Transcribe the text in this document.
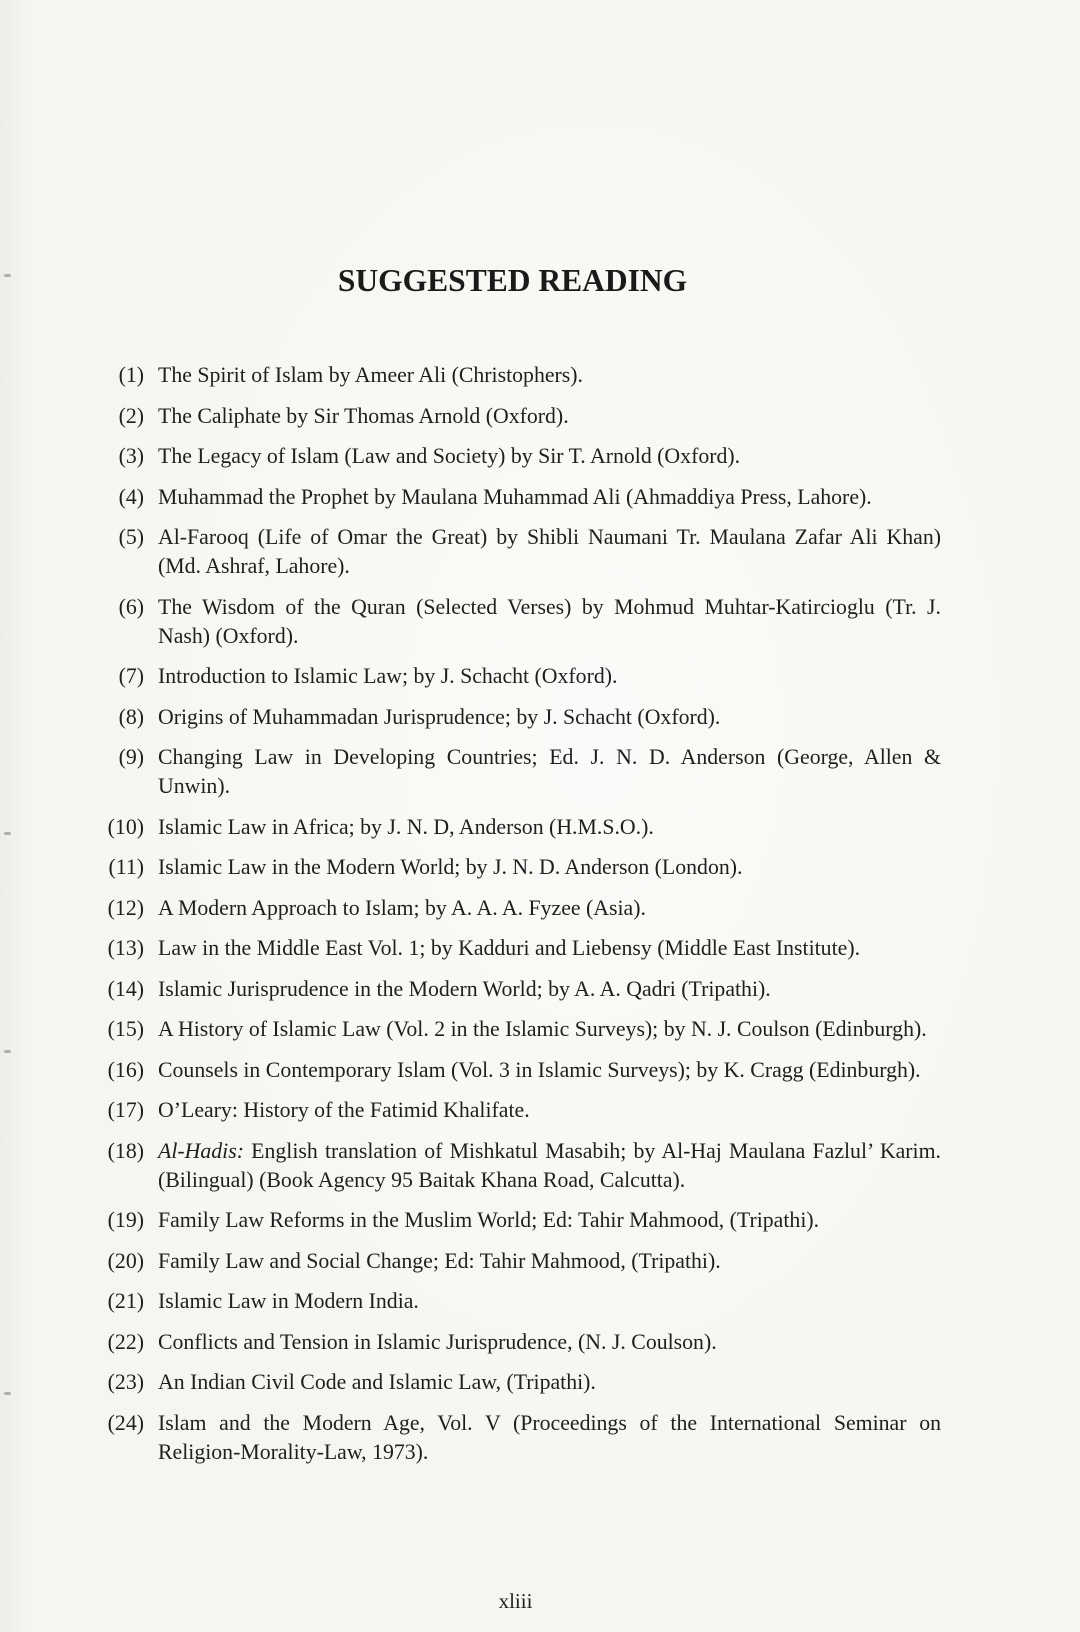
SUGGESTED READING
(1) The Spirit of Islam by Ameer Ali (Christophers).
(2) The Caliphate by Sir Thomas Arnold (Oxford).
(3) The Legacy of Islam (Law and Society) by Sir T. Arnold (Oxford).
(4) Muhammad the Prophet by Maulana Muhammad Ali (Ahmaddiya Press, Lahore).
(5) Al-Farooq (Life of Omar the Great) by Shibli Naumani Tr. Maulana Zafar Ali Khan)
(Md. Ashraf, Lahore).
(6) The Wisdom of the Quran (Selected Verses) by Mohmud Muhtar-Katircioglu (Tr. J.
Nash) (Oxford).
(7) Introduction to Islamic Law; by J. Schacht (Oxford).
(8) Origins of Muhammadan Jurisprudence; by J. Schacht (Oxford).
(9) Changing Law in Developing Countries; Ed. J. N. D. Anderson (George, Allen &
Unwin).
(10) Islamic Law in Africa; by J. N. D, Anderson (H.M.S.O.).
(11) Islamic Law in the Modern World; by J. N. D. Anderson (London).
(12) A Modern Approach to Islam; by A. A. A. Fyzee (Asia).
(13) Law in the Middle East Vol. 1; by Kadduri and Liebensy (Middle East Institute).
(14) Islamic Jurisprudence in the Modern World; by A. A. Qadri (Tripathi).
(15) A History of Islamic Law (Vol. 2 in the Islamic Surveys); by N. J. Coulson (Edinburgh).
(16) Counsels in Contemporary Islam (Vol. 3 in Islamic Surveys); by K. Cragg (Edinburgh).
(17) O’Leary: History of the Fatimid Khalifate.
(18) Al-Hadis: English translation of Mishkatul Masabih; by Al-Haj Maulana Fazlul’ Karim.
(Bilingual) (Book Agency 95 Baitak Khana Road, Calcutta).
(19) Family Law Reforms in the Muslim World; Ed: Tahir Mahmood, (Tripathi).
(20) Family Law and Social Change; Ed: Tahir Mahmood, (Tripathi).
(21) Islamic Law in Modern India.
(22) Conflicts and Tension in Islamic Jurisprudence, (N. J. Coulson).
(23) An Indian Civil Code and Islamic Law, (Tripathi).
(24) Islam and the Modern Age, Vol. V (Proceedings of the International Seminar on
Religion-Morality-Law, 1973).
xliii
